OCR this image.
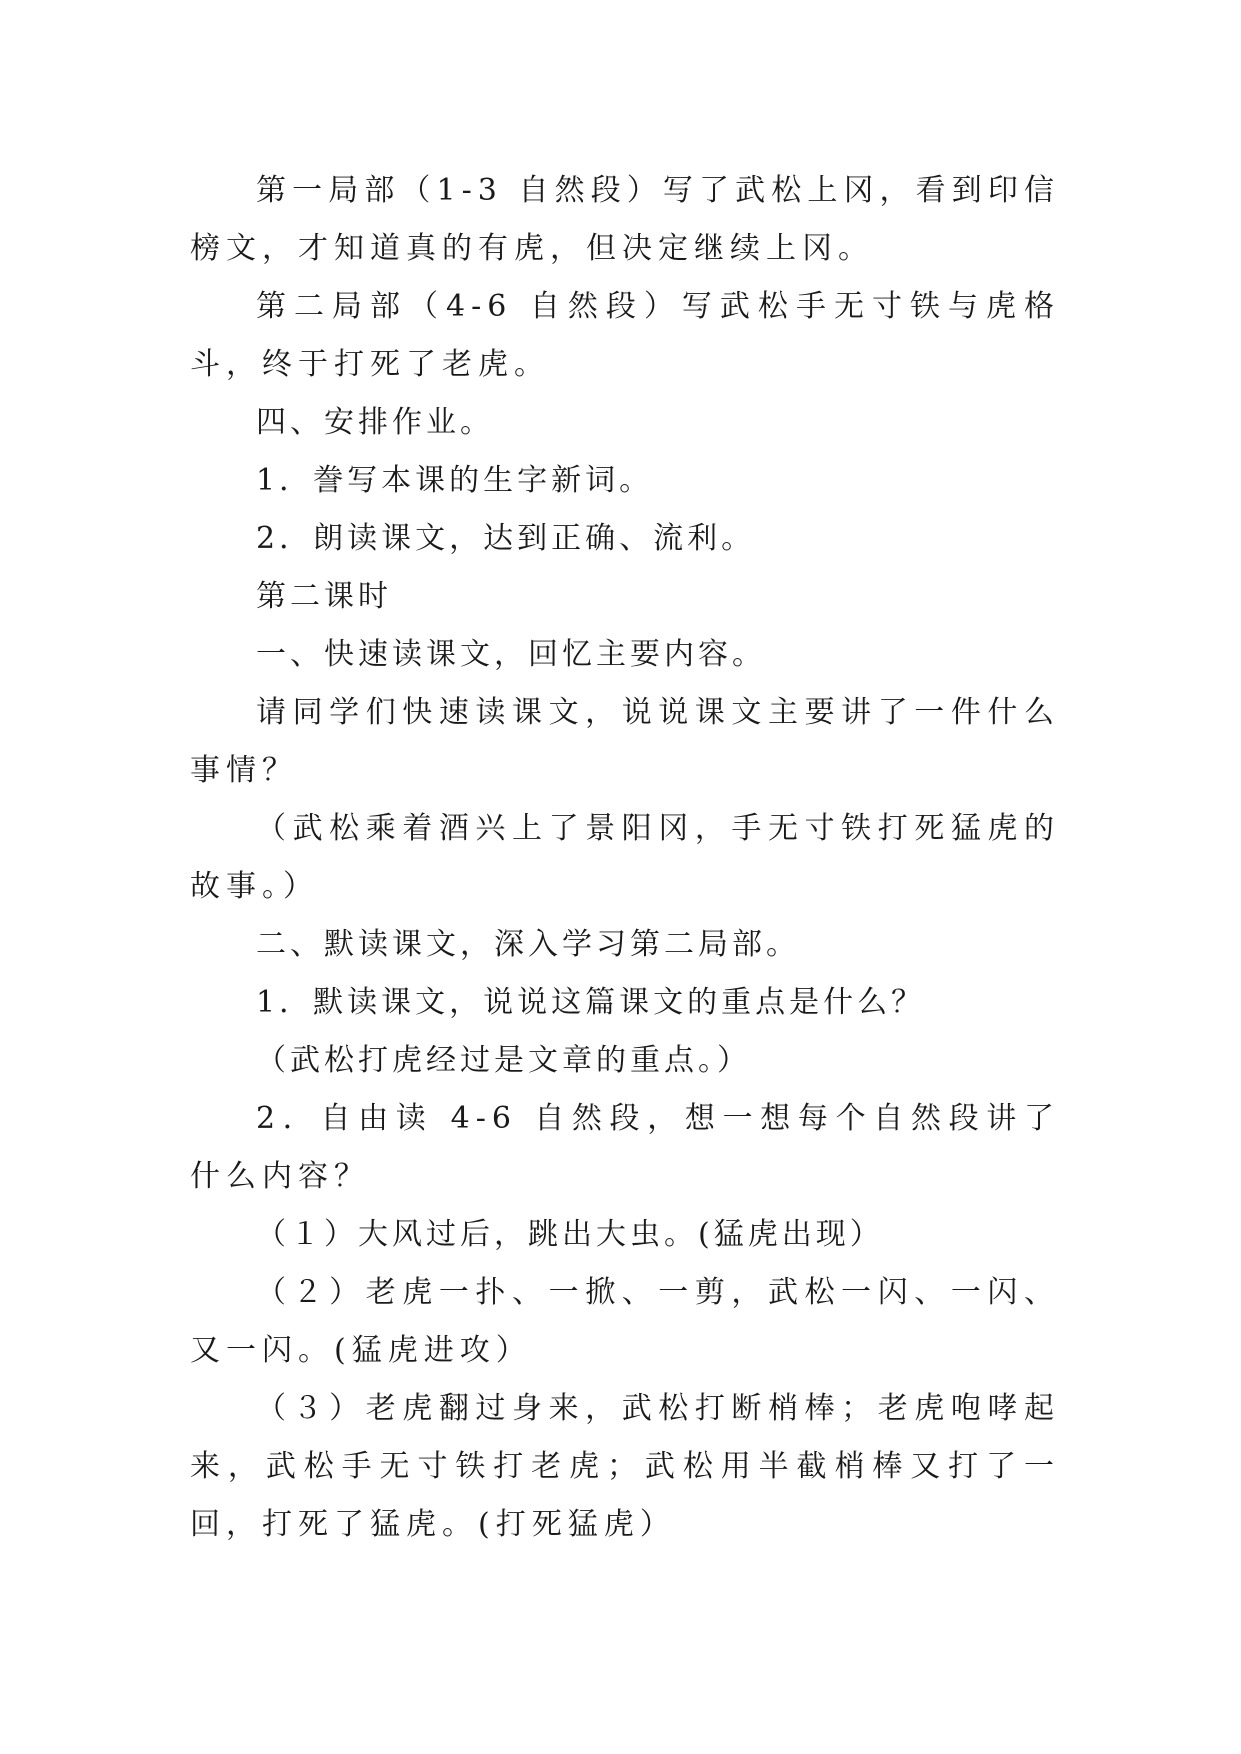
第一局部（1-3 自然段）写了武松上冈，看到印信榜文，才知道真的有虎，但决定继续上冈。

第二局部（4-6 自然段）写武松手无寸铁与虎格斗，终于打死了老虎。

四、安排作业。

1．誊写本课的生字新词。

2．朗读课文，达到正确、流利。

第二课时

一、快速读课文，回忆主要内容。

请同学们快速读课文，说说课文主要讲了一件什么事情？

（武松乘着酒兴上了景阳冈，手无寸铁打死猛虎的故事。）

二、默读课文，深入学习第二局部。

1．默读课文，说说这篇课文的重点是什么？

（武松打虎经过是文章的重点。）

2．自由读 4-6 自然段，想一想每个自然段讲了什么内容？

（１）大风过后，跳出大虫。(猛虎出现）

（２）老虎一扑、一掀、一剪，武松一闪、一闪、又一闪。(猛虎进攻）

（３）老虎翻过身来，武松打断梢棒；老虎咆哮起来，武松手无寸铁打老虎；武松用半截梢棒又打了一回，打死了猛虎。(打死猛虎）
